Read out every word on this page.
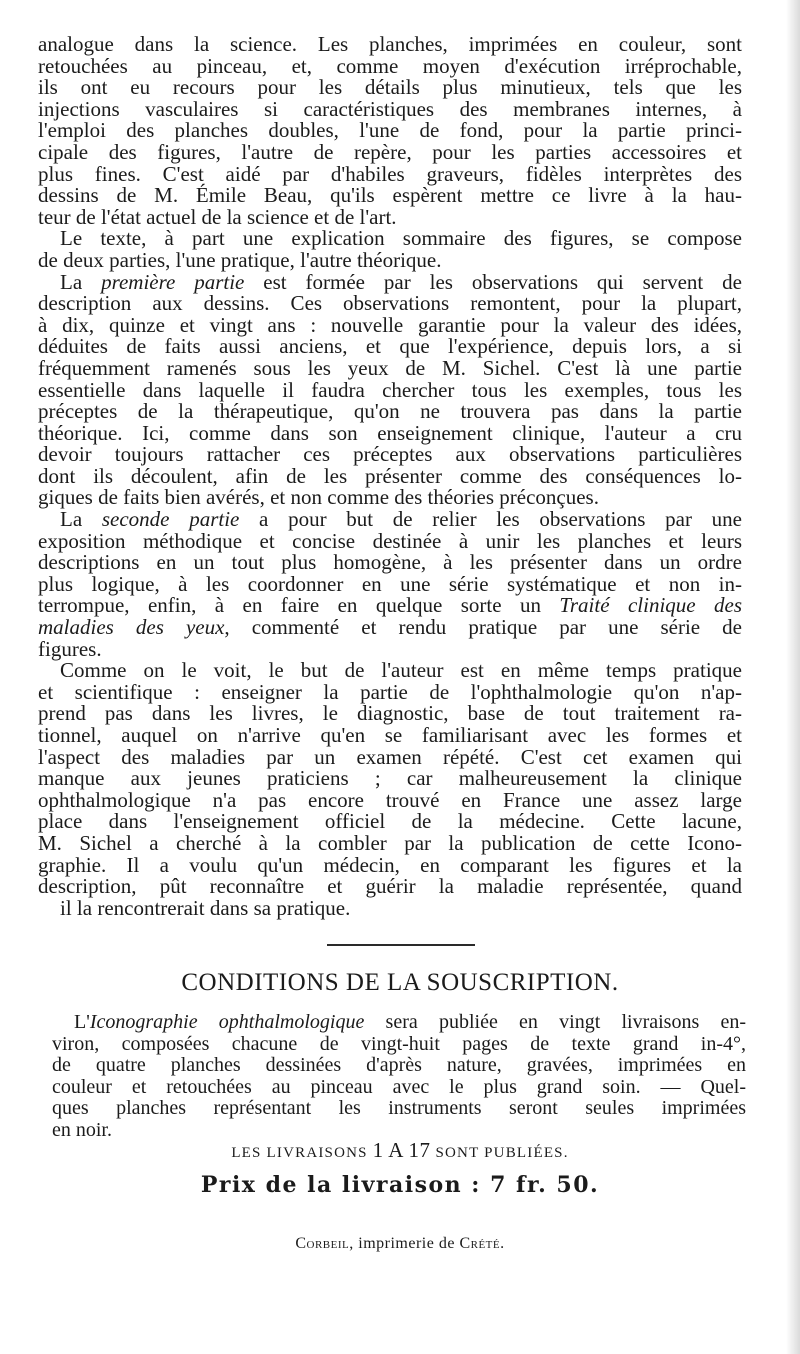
analogue dans la science. Les planches, imprimées en couleur, sont
retouchées au pinceau, et, comme moyen d'exécution irréprochable,
ils ont eu recours pour les détails plus minutieux, tels que les
injections vasculaires si caractéristiques des membranes internes, à
l'emploi des planches doubles, l'une de fond, pour la partie princi-
cipale des figures, l'autre de repère, pour les parties accessoires et
plus fines. C'est aidé par d'habiles graveurs, fidèles interprètes des
dessins de M. Émile Beau, qu'ils espèrent mettre ce livre à la hau-
teur de l'état actuel de la science et de l'art.
Le texte, à part une explication sommaire des figures, se compose
de deux parties, l'une pratique, l'autre théorique.
La première partie est formée par les observations qui servent de
description aux dessins. Ces observations remontent, pour la plupart,
à dix, quinze et vingt ans : nouvelle garantie pour la valeur des idées,
déduites de faits aussi anciens, et que l'expérience, depuis lors, a si
fréquemment ramenés sous les yeux de M. Sichel. C'est là une partie
essentielle dans laquelle il faudra chercher tous les exemples, tous les
préceptes de la thérapeutique, qu'on ne trouvera pas dans la partie
théorique. Ici, comme dans son enseignement clinique, l'auteur a cru
devoir toujours rattacher ces préceptes aux observations particulières
dont ils découlent, afin de les présenter comme des conséquences lo-
giques de faits bien avérés, et non comme des théories préconçues.
La seconde partie a pour but de relier les observations par une
exposition méthodique et concise destinée à unir les planches et leurs
descriptions en un tout plus homogène, à les présenter dans un ordre
plus logique, à les coordonner en une série systématique et non in-
terrompue, enfin, à en faire en quelque sorte un Traité clinique des
maladies des yeux, commenté et rendu pratique par une série de
figures.
Comme on le voit, le but de l'auteur est en même temps pratique
et scientifique : enseigner la partie de l'ophthalmologie qu'on n'ap-
prend pas dans les livres, le diagnostic, base de tout traitement ra-
tionnel, auquel on n'arrive qu'en se familiarisant avec les formes et
l'aspect des maladies par un examen répété. C'est cet examen qui
manque aux jeunes praticiens ; car malheureusement la clinique
ophthalmologique n'a pas encore trouvé en France une assez large
place dans l'enseignement officiel de la médecine. Cette lacune,
M. Sichel a cherché à la combler par la publication de cette Icono-
graphie. Il a voulu qu'un médecin, en comparant les figures et la
description, pût reconnaître et guérir la maladie représentée, quand
il la rencontrerait dans sa pratique.
CONDITIONS DE LA SOUSCRIPTION.
L'Iconographie ophthalmologique sera publiée en vingt livraisons en-
viron, composées chacune de vingt-huit pages de texte grand in-4°,
de quatre planches dessinées d'après nature, gravées, imprimées en
couleur et retouchées au pinceau avec le plus grand soin. — Quel-
ques planches représentant les instruments seront seules imprimées
en noir.
LES LIVRAISONS 1 A 17 SONT PUBLIÉES.
Prix de la livraison : 7 fr. 50.
Corbeil, imprimerie de Crété.
